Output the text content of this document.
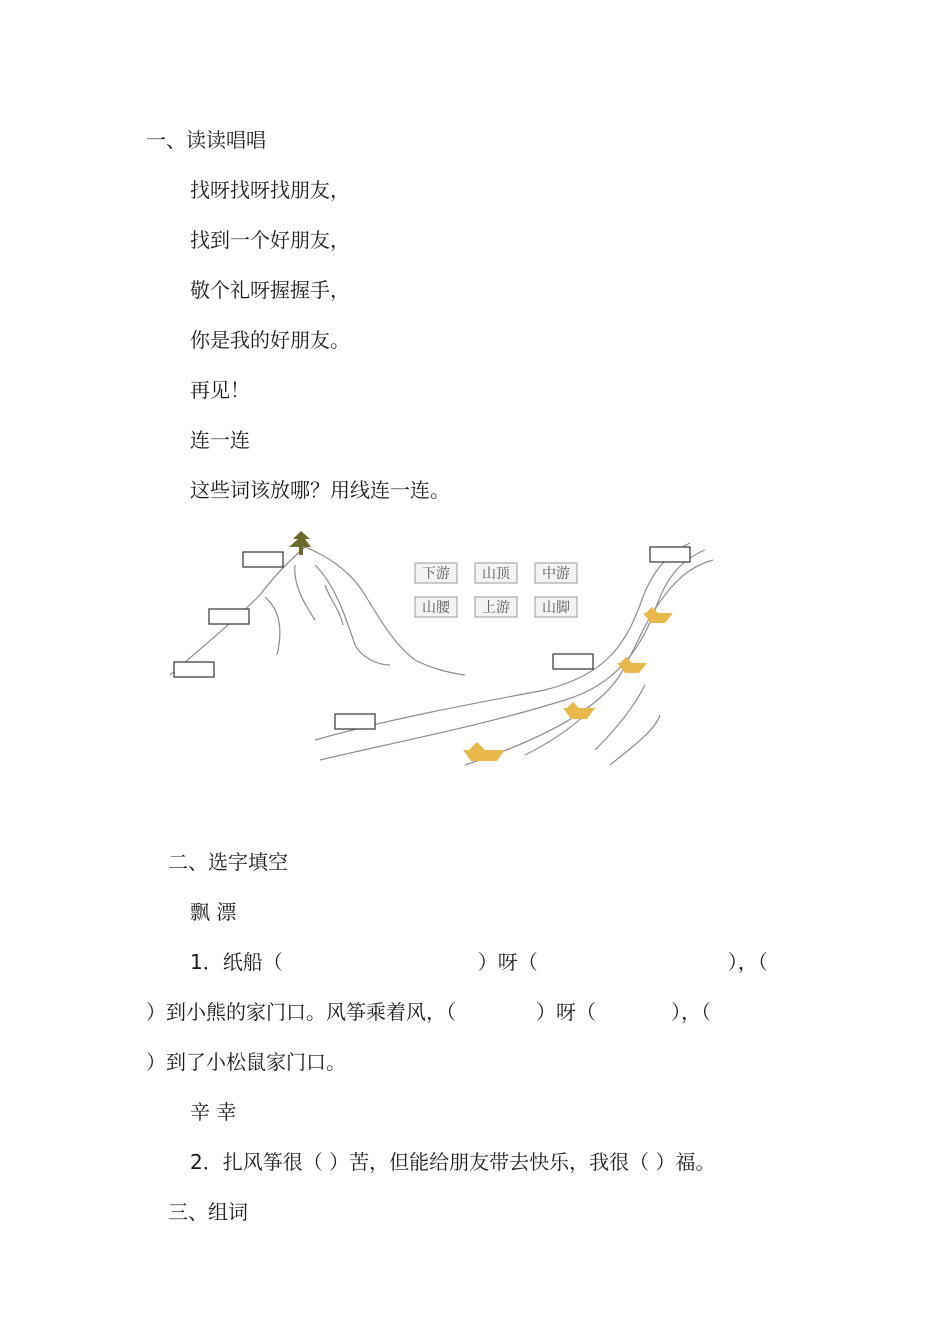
一、读读唱唱
找呀找呀找朋友，
找到一个好朋友，
敬个礼呀握握手，
你是我的好朋友。
再见！
连一连
这些词该放哪？用线连一连。
下游 山顶 中游
山腰 上游 山脚
二、选字填空
飘 漂
1．纸船（	）呀（	），（
）到小熊的家门口。风筝乘着风，（	）呀（	），（
）到了小松鼠家门口。
辛 幸
2．扎风筝很（ ）苦，但能给朋友带去快乐，我很（ ）福。
三、组词
